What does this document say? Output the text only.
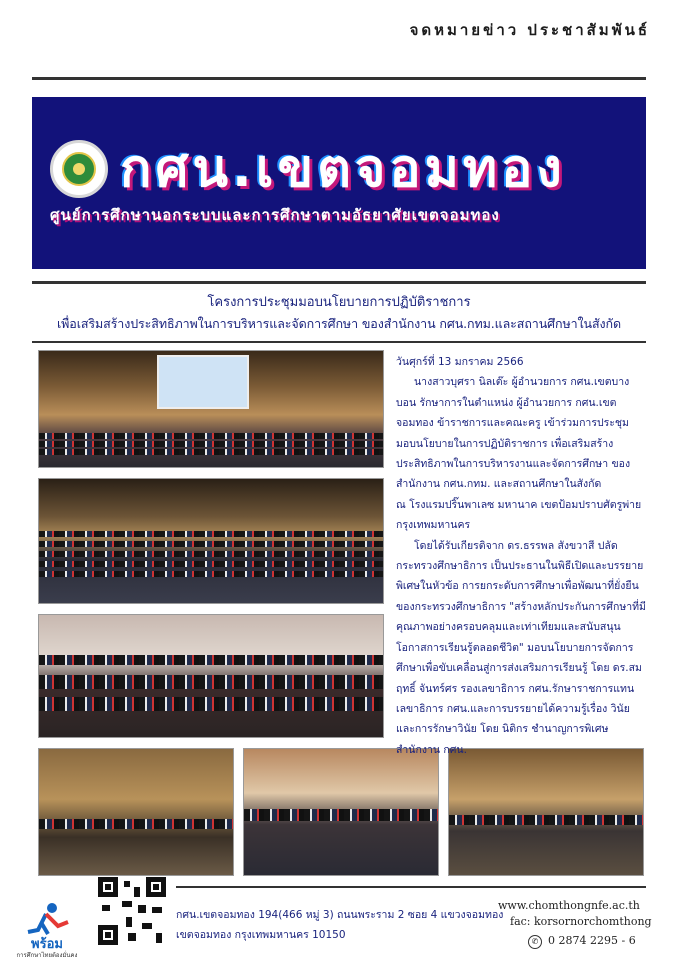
จดหมายข่าว ประชาสัมพันธ์
กศน.เขตจอมทอง
ศูนย์การศึกษานอกระบบและการศึกษาตามอัธยาศัยเขตจอมทอง
โครงการประชุมมอบนโยบายการปฏิบัติราชการ
เพื่อเสริมสร้างประสิทธิภาพในการบริหารและจัดการศึกษา ของสำนักงาน กศน.กทม.และสถานศึกษาในสังกัด

วันศุกร์ที่ 13 มกราคม 2566

นางสาวบุศรา นิลเต๊ะ ผู้อำนวยการ กศน.เขตบางบอน รักษาการในตำแหน่ง ผู้อำนวยการ กศน.เขตจอมทอง ข้าราชการและคณะครู เข้าร่วมการประชุมมอบนโยบายในการปฏิบัติราชการ เพื่อเสริมสร้างประสิทธิภาพในการบริหารงานและจัดการศึกษา ของสำนักงาน กศน.กทม. และสถานศึกษาในสังกัด

ณ โรงแรมปริ๊นพาเลซ มหานาค เขตป้อมปราบศัตรูพ่าย กรุงเทพมหานคร

โดยได้รับเกียรติจาก ดร.ธรรพล สังขวาสี ปลัดกระทรวงศึกษาธิการ เป็นประธานในพิธีเปิดและบรรยายพิเศษในหัวข้อ การยกระดับการศึกษาเพื่อพัฒนาที่ยั่งยืน ของกระทรวงศึกษาธิการ "สร้างหลักประกันการศึกษาที่มีคุณภาพอย่างครอบคลุมและเท่าเทียมและสนับสนุนโอกาสการเรียนรู้ตลอดชีวิต" มอบนโยบายการจัดการศึกษาเพื่อขับเคลื่อนสู่การส่งเสริมการเรียนรู้ โดย ดร.สมฤทธิ์ จันทร์ศร รองเลขาธิการ กศน.รักษาราชการแทนเลขาธิการ กศน.และการบรรยายได้ความรู้เรื่อง วินัยและการรักษาวินัย โดย นิติกร ชำนาญการพิเศษ สำนักงาน กศน.

พร้อม
การศึกษาไทยต้องมั่นคง
กศน.เขตจอมทอง 194(466 หมู่ 3) ถนนพระราม 2 ซอย 4 แขวงจอมทอง
เขตจอมทอง กรุงเทพมหานคร 10150
www.chomthongnfe.ac.th
fac: korsornorchomthong
✆ 0 2874 2295 - 6
